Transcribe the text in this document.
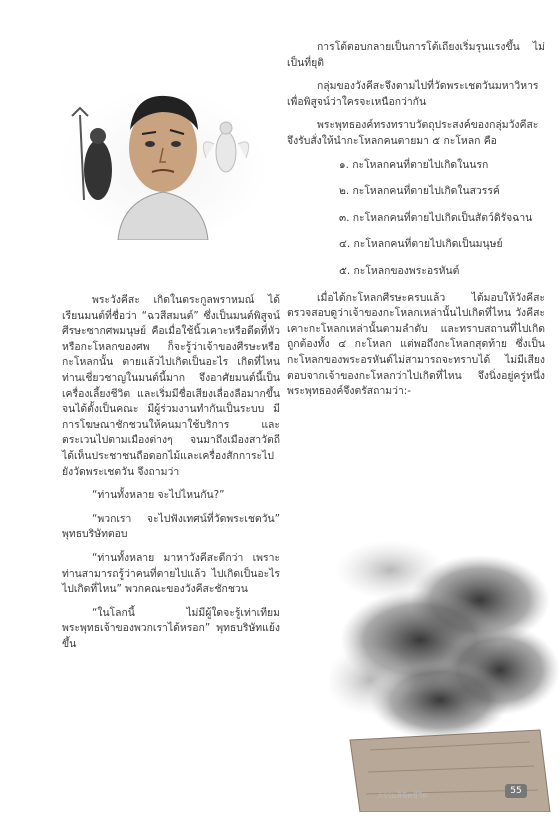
การโต้ตอบกลายเป็นการโต้เถียงเริ่มรุนแรงขึ้น ไม่เป็นที่ยุติ

กลุ่มของวังคีสะจึงตามไปที่วัดพระเชตวันมหาวิหาร เพื่อพิสูจน์ว่าใครจะเหนือกว่ากัน

พระพุทธองค์ทรงทราบวัตถุประสงค์ของกลุ่มวังคีสะ จึงรับสั่งให้นำกะโหลกคนตายมา ๕ กะโหลก คือ

๑. กะโหลกคนที่ตายไปเกิดในนรก

๒. กะโหลกคนที่ตายไปเกิดในสวรรค์

๓. กะโหลกคนที่ตายไปเกิดเป็นสัตว์ดิรัจฉาน

๔. กะโหลกคนที่ตายไปเกิดเป็นมนุษย์

๕. กะโหลกของพระอรหันต์

เมื่อได้กะโหลกศีรษะครบแล้ว ได้มอบให้วังคีสะตรวจสอบดูว่าเจ้าของกะโหลกเหล่านั้นไปเกิดที่ไหน วังคีสะ เคาะกะโหลกเหล่านั้นตามลำดับ และทราบสถานที่ไปเกิดถูกต้องทั้ง ๔ กะโหลก แต่พอถึงกะโหลกสุดท้าย ซึ่งเป็นกะโหลกของพระอรหันต์ไม่สามารถจะทราบได้ ไม่มีเสียงตอบจากเจ้าของกะโหลกว่าไปเกิดที่ไหน จึงนิ่งอยู่ครู่หนึ่ง พระพุทธองค์จึงตรัสถามว่า:-

พระวังคีสะ เกิดในตระกูลพราหมณ์ ได้เรียนมนต์ที่ชื่อว่า “ฉวสีสมนต์” ซึ่งเป็นมนต์พิสูจน์ศีรษะซากศพมนุษย์ คือเมื่อใช้นิ้วเคาะหรือดีดที่หัวหรือกะโหลกของศพ ก็จะรู้ว่าเจ้าของศีรษะหรือกะโหลกนั้น ตายแล้วไปเกิดเป็นอะไร เกิดที่ไหน ท่านเชี่ยวชาญในมนต์นี้มาก จึงอาศัยมนต์นี้เป็นเครื่องเลี้ยงชีวิต และเริ่มมีชื่อเสียงเลื่องลือมากขึ้น จนได้ตั้งเป็นคณะ มีผู้ร่วมงานทำกันเป็นระบบ มีการโฆษณาชักชวนให้คนมาใช้บริการ และตระเวนไปตามเมืองต่างๆ จนมาถึงเมืองสาวัตถี ได้เห็นประชาชนถือดอกไม้และเครื่องสักการะไปยังวัดพระเชตวัน จึงถามว่า

“ท่านทั้งหลาย จะไปไหนกัน?”

“พวกเรา จะไปฟังเทศน์ที่วัดพระเชตวัน” พุทธบริษัทตอบ

“ท่านทั้งหลาย มาหาวังคีสะดีกว่า เพราะท่านสามารถรู้ว่าคนที่ตายไปแล้ว ไปเกิดเป็นอะไร ไปเกิดที่ไหน” พวกคณะของวังคีสะชักชวน

“ในโลกนี้ ไม่มีผู้ใดจะรู้เท่าเทียมพระพุทธเจ้าของพวกเราได้หรอก” พุทธบริษัทแย้งขึ้น

กรรมลิขิตชีวิต	55
